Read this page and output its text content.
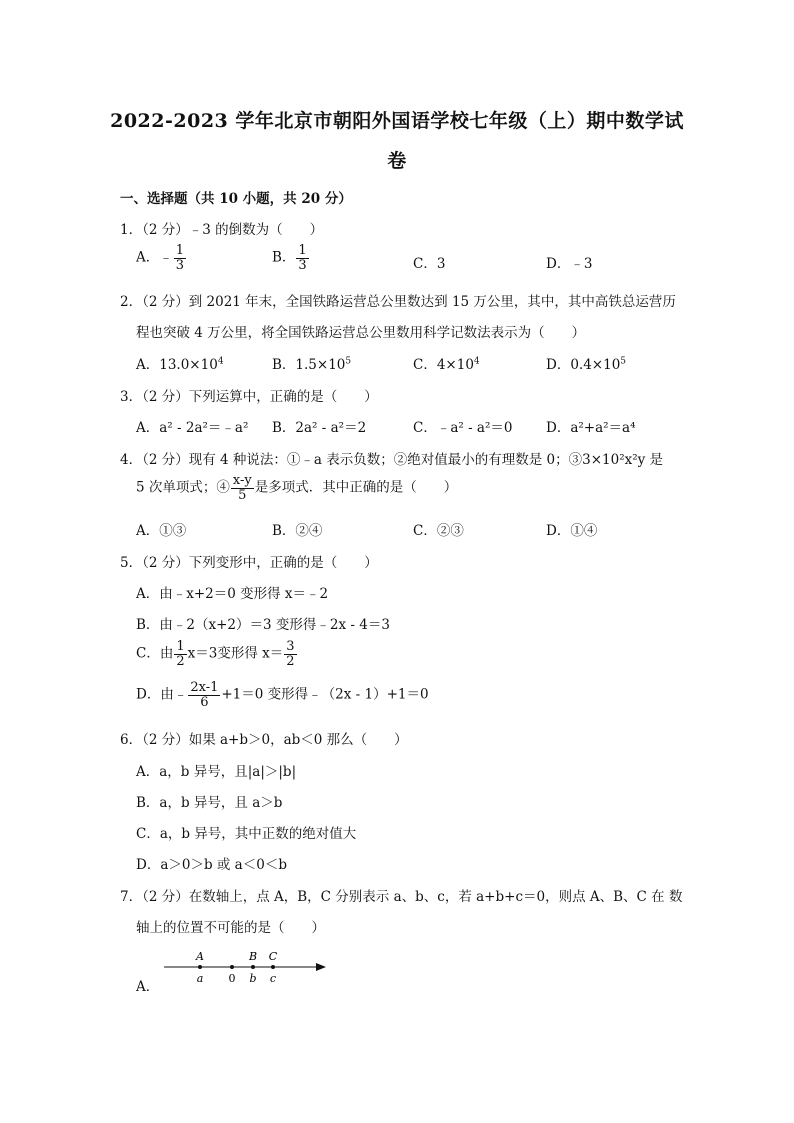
2022-2023 学年北京市朝阳外国语学校七年级（上）期中数学试
卷
一、选择题（共 10 小题，共 20 分）
1．（2 分）﹣3 的倒数为（　　）
A．﹣ $\frac{1}{3}$	B． $\frac{1}{3}$	C．3	D．﹣3
2．（2 分）到 2021 年末，全国铁路运营总公里数达到 15 万公里，其中，其中高铁总运营历
程也突破 4 万公里，将全国铁路运营总公里数用科学记数法表示为（　　）
A．$13.0\times 10^4$	B．$1.5\times 10^5$	C．$4\times 10^4$	D．$0.4\times 10^5$
3．（2 分）下列运算中，正确的是（　　）
A．a² - 2a²＝﹣a² B．2a² - a²＝2	C．﹣a² - a²＝0 D．a²+a²＝a⁴
4．（2 分）现有 4 种说法：①﹣a 表示负数；②绝对值最小的有理数是 0；③3×10²x²y 是
5 次单项式；④ $\frac{x-y}{5}$ 是多项式．其中正确的是（　　）
A．①③	B．②④	C．②③	D．①④
5．（2 分）下列变形中，正确的是（　　）
A．由﹣x+2＝0 变形得 x＝﹣2
B．由﹣2（x+2）＝3 变形得﹣2x - 4＝3
C．由 $\frac{1}{2} x=3$变形得 $x= \frac{3}{2}$
D．由﹣ $\frac{2x-1}{6} +1=0$ 变形得﹣（2x - 1）+1＝0
6．（2 分）如果 a+b＞0，ab＜0 那么（　　）
A．a，b 异号，且|a|＞|b|
B．a，b 异号，且 a＞b
C．a，b 异号，其中正数的绝对值大
D．a＞0＞b 或 a＜0＜b
7．（2 分）在数轴上，点 A，B，C 分别表示 a、b、c，若 a+b+c＝0，则点 A、B、C 在 数
轴上的位置不可能的是（　　）
A．
A	B C
a 0 b c
